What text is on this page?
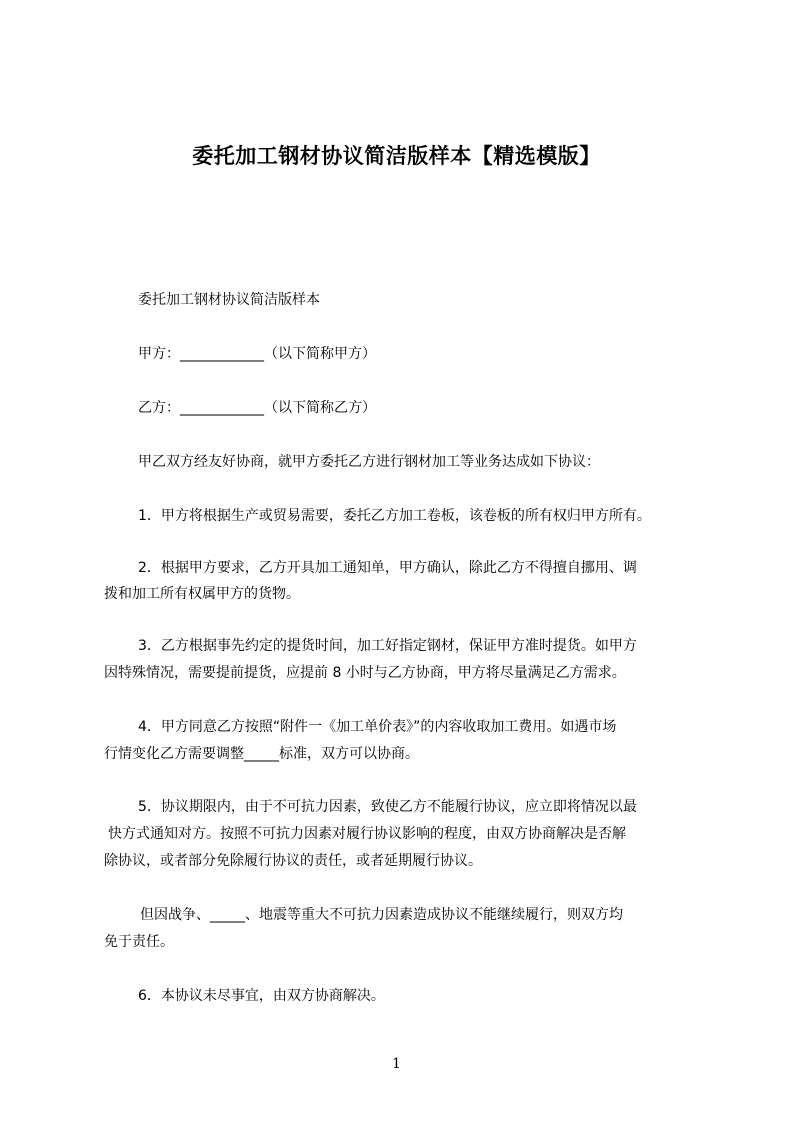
委托加工钢材协议简洁版样本【精选模版】
委托加工钢材协议简洁版样本
甲方：____________（以下简称甲方）
乙方：____________（以下简称乙方）
甲乙双方经友好协商，就甲方委托乙方进行钢材加工等业务达成如下协议：
1．甲方将根据生产或贸易需要，委托乙方加工卷板，该卷板的所有权归甲方所有。
2．根据甲方要求，乙方开具加工通知单，甲方确认，除此乙方不得擅自挪用、调
拨和加工所有权属甲方的货物。
3．乙方根据事先约定的提货时间，加工好指定钢材，保证甲方准时提货。如甲方
因特殊情况，需要提前提货，应提前 8 小时与乙方协商，甲方将尽量满足乙方需求。
4．甲方同意乙方按照“附件一《加工单价表》”的内容收取加工费用。如遇市场
行情变化乙方需要调整_____标准，双方可以协商。
5．协议期限内，由于不可抗力因素，致使乙方不能履行协议，应立即将情况以最
快方式通知对方。按照不可抗力因素对履行协议影响的程度，由双方协商解决是否解
除协议，或者部分免除履行协议的责任，或者延期履行协议。
但因战争、_____、地震等重大不可抗力因素造成协议不能继续履行，则双方均
免于责任。
6．本协议未尽事宜，由双方协商解决。
1
